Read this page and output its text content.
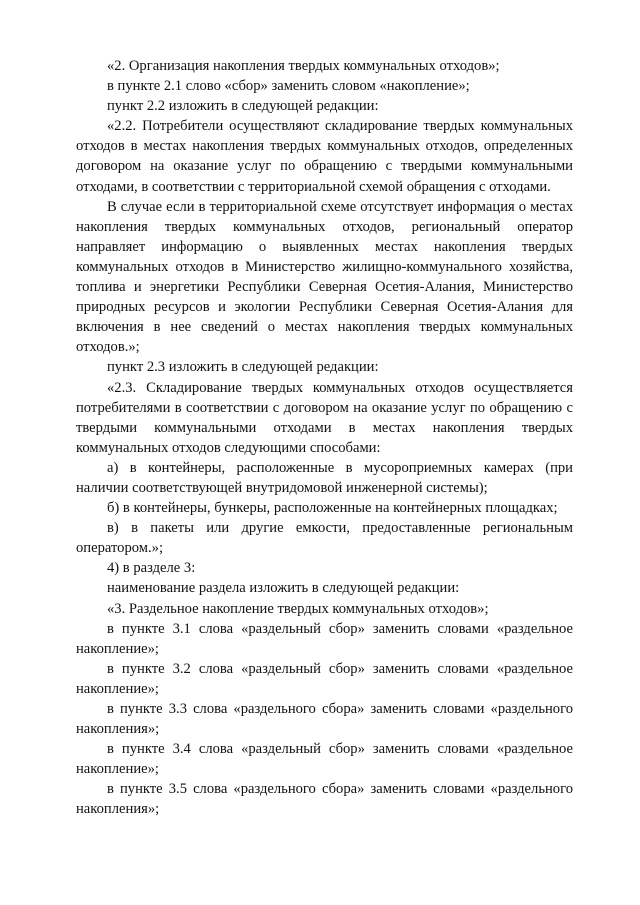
«2. Организация накопления твердых коммунальных отходов»;

в пункте 2.1 слово «сбор» заменить словом «накопление»;

пункт 2.2 изложить в следующей редакции:

«2.2. Потребители осуществляют складирование твердых коммунальных отходов в местах накопления твердых коммунальных отходов, определенных договором на оказание услуг по обращению с твердыми коммунальными отходами, в соответствии с территориальной схемой обращения с отходами.

В случае если в территориальной схеме отсутствует информация о местах накопления твердых коммунальных отходов, региональный оператор направляет информацию о выявленных местах накопления твердых коммунальных отходов в Министерство жилищно-коммунального хозяйства, топлива и энергетики Республики Северная Осетия-Алания, Министерство природных ресурсов и экологии Республики Северная Осетия-Алания для включения в нее сведений о местах накопления твердых коммунальных отходов.»;

пункт 2.3 изложить в следующей редакции:

«2.3. Складирование твердых коммунальных отходов осуществляется потребителями в соответствии с договором на оказание услуг по обращению с твердыми коммунальными отходами в местах накопления твердых коммунальных отходов следующими способами:

а) в контейнеры, расположенные в мусороприемных камерах (при наличии соответствующей внутридомовой инженерной системы);

б) в контейнеры, бункеры, расположенные на контейнерных площадках;

в) в пакеты или другие емкости, предоставленные региональным оператором.»;

4) в разделе 3:

наименование раздела изложить в следующей редакции:

«3. Раздельное накопление твердых коммунальных отходов»;

в пункте 3.1 слова «раздельный сбор» заменить словами «раздельное накопление»;

в пункте 3.2 слова «раздельный сбор» заменить словами «раздельное накопление»;

в пункте 3.3 слова «раздельного сбора» заменить словами «раздельного накопления»;

в пункте 3.4 слова «раздельный сбор» заменить словами «раздельное накопление»;

в пункте 3.5 слова «раздельного сбора» заменить словами «раздельного накопления»;
